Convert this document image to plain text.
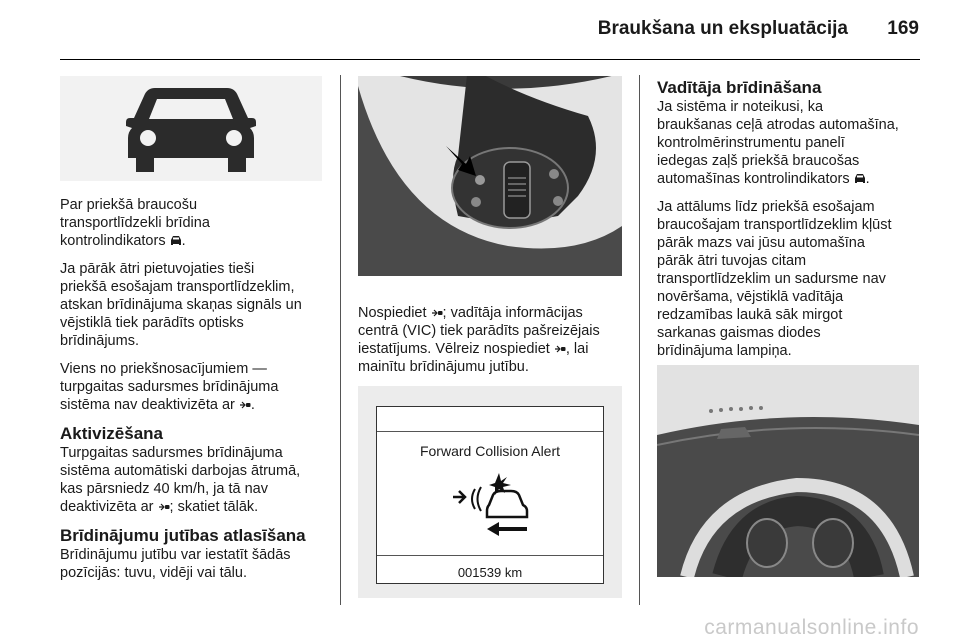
Braukšana un ekspluatācija 169

Par priekšā braucošu
transportlīdzekli brīdina
kontrolindikators .

Ja pārāk ātri pietuvojaties tieši
priekšā esošajam transportlīdzeklim,
atskan brīdinājuma skaņas signāls un
vējstiklā tiek parādīts optisks
brīdinājums.

Viens no priekšnosacījumiem —
turpgaitas sadursmes brīdinājuma
sistēma nav deaktivizēta ar .

Aktivizēšana

Turpgaitas sadursmes brīdinājuma
sistēma automātiski darbojas ātrumā,
kas pārsniedz 40 km/h, ja tā nav
deaktivizēta ar ; skatiet tālāk.

Brīdinājumu jutības atlasīšana

Brīdinājumu jutību var iestatīt šādās
pozīcijās: tuvu, vidēji vai tālu.

Nospiediet ; vadītāja informācijas
centrā (VIC) tiek parādīts pašreizējais
iestatījums. Vēlreiz nospiediet , lai
mainītu brīdinājumu jutību.

Forward Collision Alert
001539 km
Vadītāja brīdināšana

Ja sistēma ir noteikusi, ka
braukšanas ceļā atrodas automašīna,
kontrolmērinstrumentu panelī
iedegas zaļš priekšā braucošas
automašīnas kontrolindikators .

Ja attālums līdz priekšā esošajam
braucošajam transportlīdzeklim kļūst
pārāk mazs vai jūsu automašīna
pārāk ātri tuvojas citam
transportlīdzeklim un sadursme nav
novēršama, vējstiklā vadītāja
redzamības laukā sāk mirgot
sarkanas gaismas diodes
brīdinājuma lampiņa.

carmanualsonline.info
